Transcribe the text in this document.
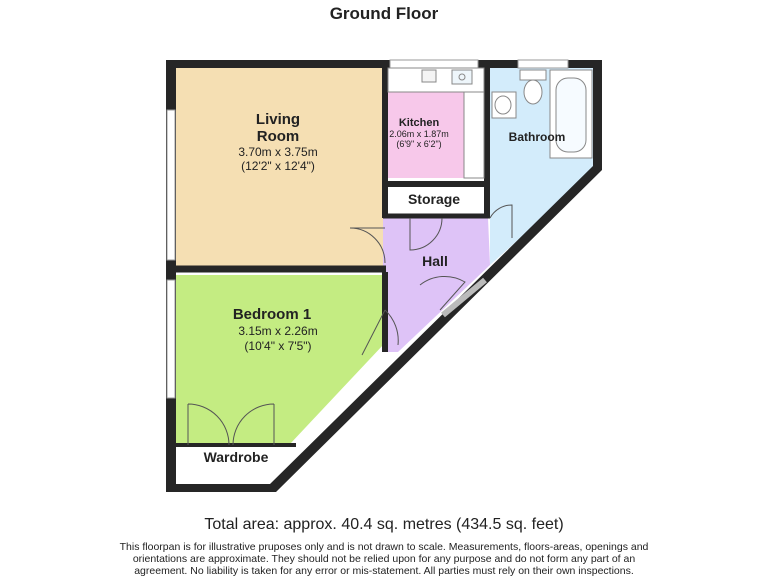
Ground Floor
Living
Room
3.70m x 3.75m
(12'2" x 12'4")
Kitchen
2.06m x 1.87m
(6'9" x 6'2")	Bathroom
Storage
Hall
Bedroom 1
3.15m x 2.26m
(10'4" x 7'5")
Wardrobe
Total area: approx. 40.4 sq. metres (434.5 sq. feet)
This floorpan is for illustrative pruposes only and is not drawn to scale. Measurements, floors-areas, openings and
orientations are approximate. They should not be relied upon for any purpose and do not form any part of an
agreement. No liability is taken for any error or mis-statement. All parties must rely on their own inspections.
